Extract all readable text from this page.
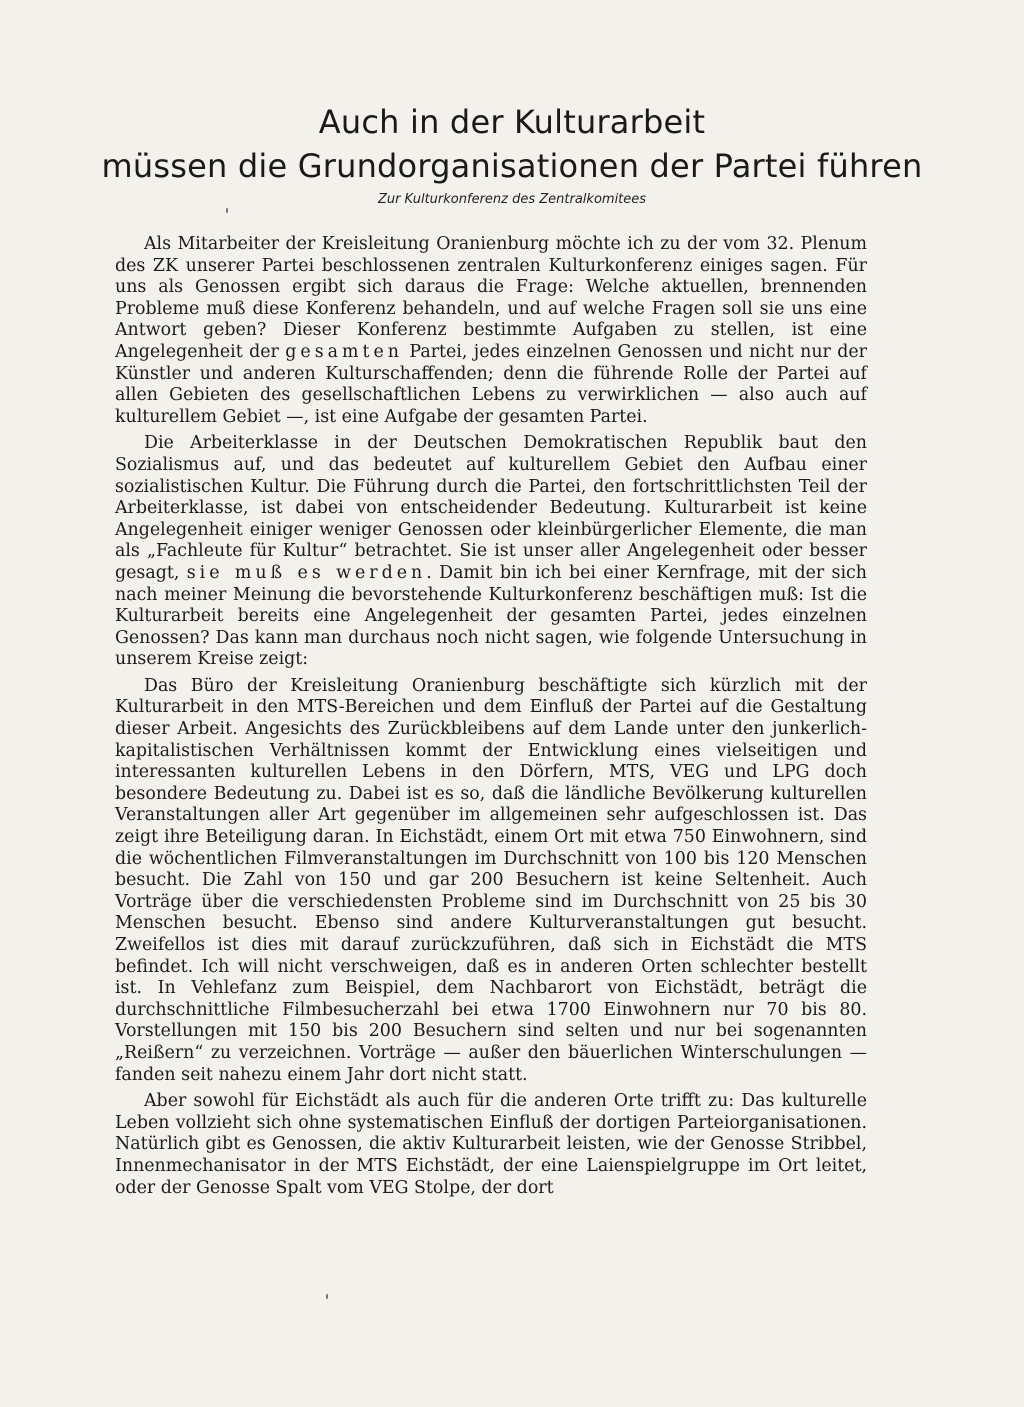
Auch in der Kulturarbeit
müssen die Grundorganisationen der Partei führen
Zur Kulturkonferenz des Zentralkomitees

Als Mitarbeiter der Kreisleitung Oranienburg möchte ich zu der vom 32. Plenum des ZK unserer Partei beschlossenen zentralen Kulturkonferenz einiges sagen. Für uns als Genossen ergibt sich daraus die Frage: Welche aktuellen, brennenden Probleme muß diese Konferenz behandeln, und auf welche Fragen soll sie uns eine Antwort geben? Dieser Konferenz bestimmte Aufgaben zu stellen, ist eine Angelegenheit der gesamten Partei, jedes einzelnen Genossen und nicht nur der Künstler und anderen Kulturschaffenden; denn die führende Rolle der Partei auf allen Gebieten des gesellschaftlichen Lebens zu verwirklichen — also auch auf kulturellem Gebiet —, ist eine Aufgabe der gesamten Partei.

Die Arbeiterklasse in der Deutschen Demokratischen Republik baut den Sozialismus auf, und das bedeutet auf kulturellem Gebiet den Aufbau einer sozialistischen Kultur. Die Führung durch die Partei, den fortschrittlichsten Teil der Arbeiterklasse, ist dabei von entscheidender Bedeutung. Kulturarbeit ist keine Angelegenheit einiger weniger Genossen oder kleinbürgerlicher Elemente, die man als „Fachleute für Kultur“ betrachtet. Sie ist unser aller Angelegenheit oder besser gesagt, sie muß es werden. Damit bin ich bei einer Kernfrage, mit der sich nach meiner Meinung die bevorstehende Kulturkonferenz beschäftigen muß: Ist die Kulturarbeit bereits eine Angelegenheit der gesamten Partei, jedes einzelnen Genossen? Das kann man durchaus noch nicht sagen, wie folgende Untersuchung in unserem Kreise zeigt:

Das Büro der Kreisleitung Oranienburg beschäftigte sich kürzlich mit der Kulturarbeit in den MTS-Bereichen und dem Einfluß der Partei auf die Gestaltung dieser Arbeit. Angesichts des Zurückbleibens auf dem Lande unter den junkerlich-kapitalistischen Verhältnissen kommt der Entwicklung eines vielseitigen und interessanten kulturellen Lebens in den Dörfern, MTS, VEG und LPG doch besondere Bedeutung zu. Dabei ist es so, daß die ländliche Bevölkerung kulturellen Veranstaltungen aller Art gegenüber im allgemeinen sehr aufgeschlossen ist. Das zeigt ihre Beteiligung daran. In Eichstädt, einem Ort mit etwa 750 Einwohnern, sind die wöchentlichen Filmveranstaltungen im Durchschnitt von 100 bis 120 Menschen besucht. Die Zahl von 150 und gar 200 Besuchern ist keine Seltenheit. Auch Vorträge über die verschiedensten Probleme sind im Durchschnitt von 25 bis 30 Menschen besucht. Ebenso sind andere Kulturveranstaltungen gut besucht. Zweifellos ist dies mit darauf zurückzuführen, daß sich in Eichstädt die MTS befindet. Ich will nicht verschweigen, daß es in anderen Orten schlechter bestellt ist. In Vehlefanz zum Beispiel, dem Nachbarort von Eichstädt, beträgt die durchschnittliche Filmbesucherzahl bei etwa 1700 Einwohnern nur 70 bis 80. Vorstellungen mit 150 bis 200 Besuchern sind selten und nur bei sogenannten „Reißern“ zu verzeichnen. Vorträge — außer den bäuerlichen Winterschulungen — fanden seit nahezu einem Jahr dort nicht statt.

Aber sowohl für Eichstädt als auch für die anderen Orte trifft zu: Das kulturelle Leben vollzieht sich ohne systematischen Einfluß der dortigen Parteiorganisationen. Natürlich gibt es Genossen, die aktiv Kulturarbeit leisten, wie der Genosse Stribbel, Innenmechanisator in der MTS Eichstädt, der eine Laienspielgruppe im Ort leitet, oder der Genosse Spalt vom VEG Stolpe, der dort
